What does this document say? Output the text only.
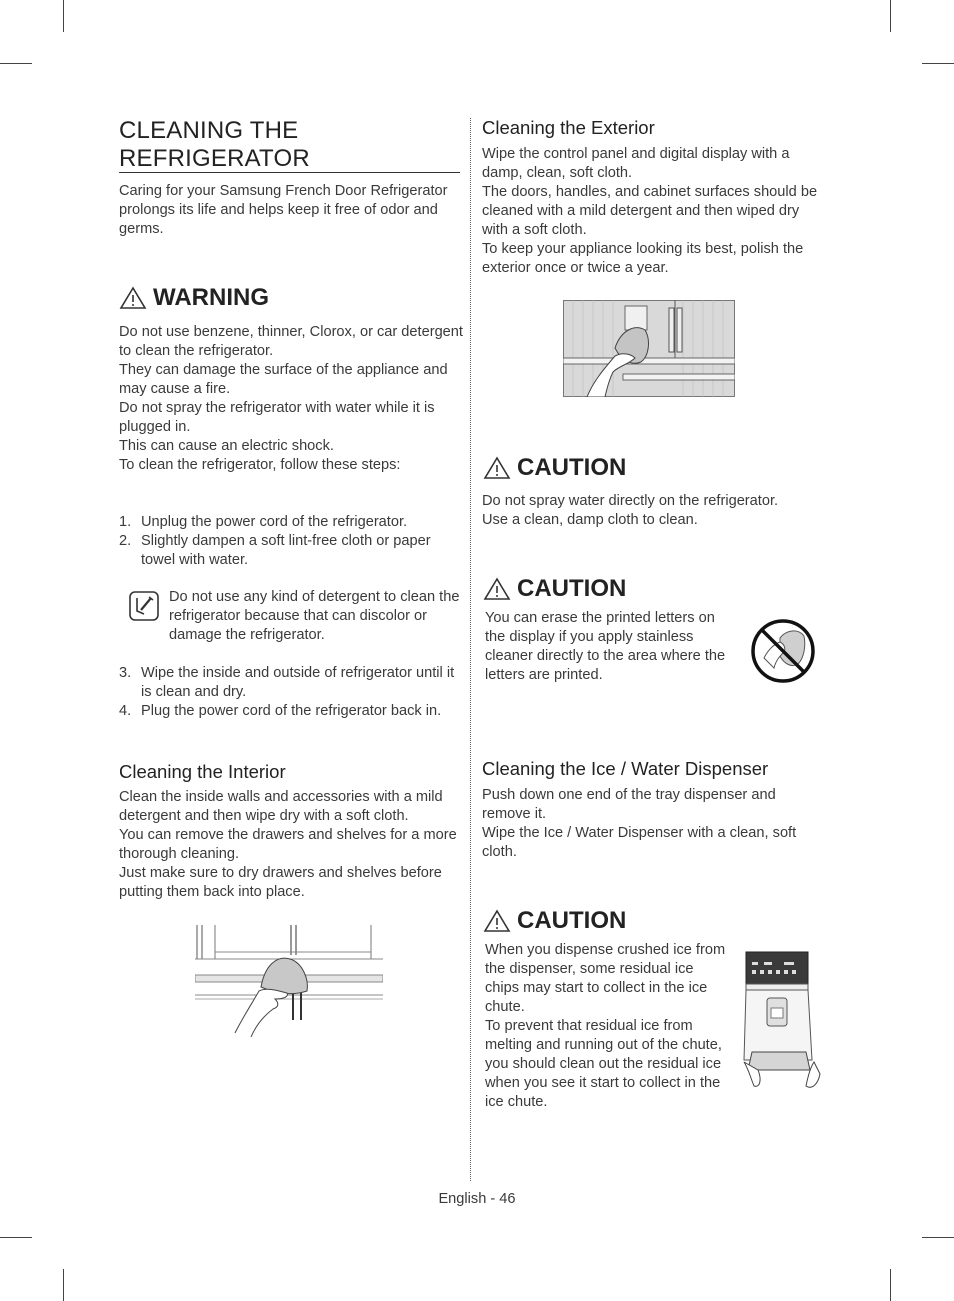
CLEANING THE
REFRIGERATOR

Caring for your Samsung French Door Refrigerator prolongs its life and helps keep it free of odor and germs.

WARNING

Do not use benzene, thinner, Clorox, or car detergent to clean the refrigerator.

They can damage the surface of the appliance and may cause a fire.

Do not spray the refrigerator with water while it is plugged in.

This can cause an electric shock.

To clean the refrigerator, follow these steps:

1. Unplug the power cord of the refrigerator.
2. Slightly dampen a soft lint-free cloth or paper towel with water.

Do not use any kind of detergent to clean the refrigerator because that can discolor or damage the refrigerator.

3. Wipe the inside and outside of refrigerator until it is clean and dry.
4. Plug the power cord of the refrigerator back in.
Cleaning the Interior

Clean the inside walls and accessories with a mild detergent and then wipe dry with a soft cloth.

You can remove the drawers and shelves for a more thorough cleaning.

Just make sure to dry drawers and shelves before putting them back into place.

Cleaning the Exterior

Wipe the control panel and digital display with a damp, clean, soft cloth.

The doors, handles, and cabinet surfaces should be cleaned with a mild detergent and then wiped dry with a soft cloth.

To keep your appliance looking its best, polish the exterior once or twice a year.

CAUTION

Do not spray water directly on the refrigerator.

Use a clean, damp cloth to clean.

CAUTION

You can erase the printed letters on the display if you apply stainless cleaner directly to the area where the letters are printed.

Cleaning the Ice / Water Dispenser

Push down one end of the tray dispenser and remove it.

Wipe the Ice / Water Dispenser with a clean, soft cloth.

CAUTION

When you dispense crushed ice from the dispenser, some residual ice chips may start to collect in the ice chute.

To prevent that residual ice from melting and running out of the chute, you should clean out the residual ice when you see it start to collect in the ice chute.

English - 46
